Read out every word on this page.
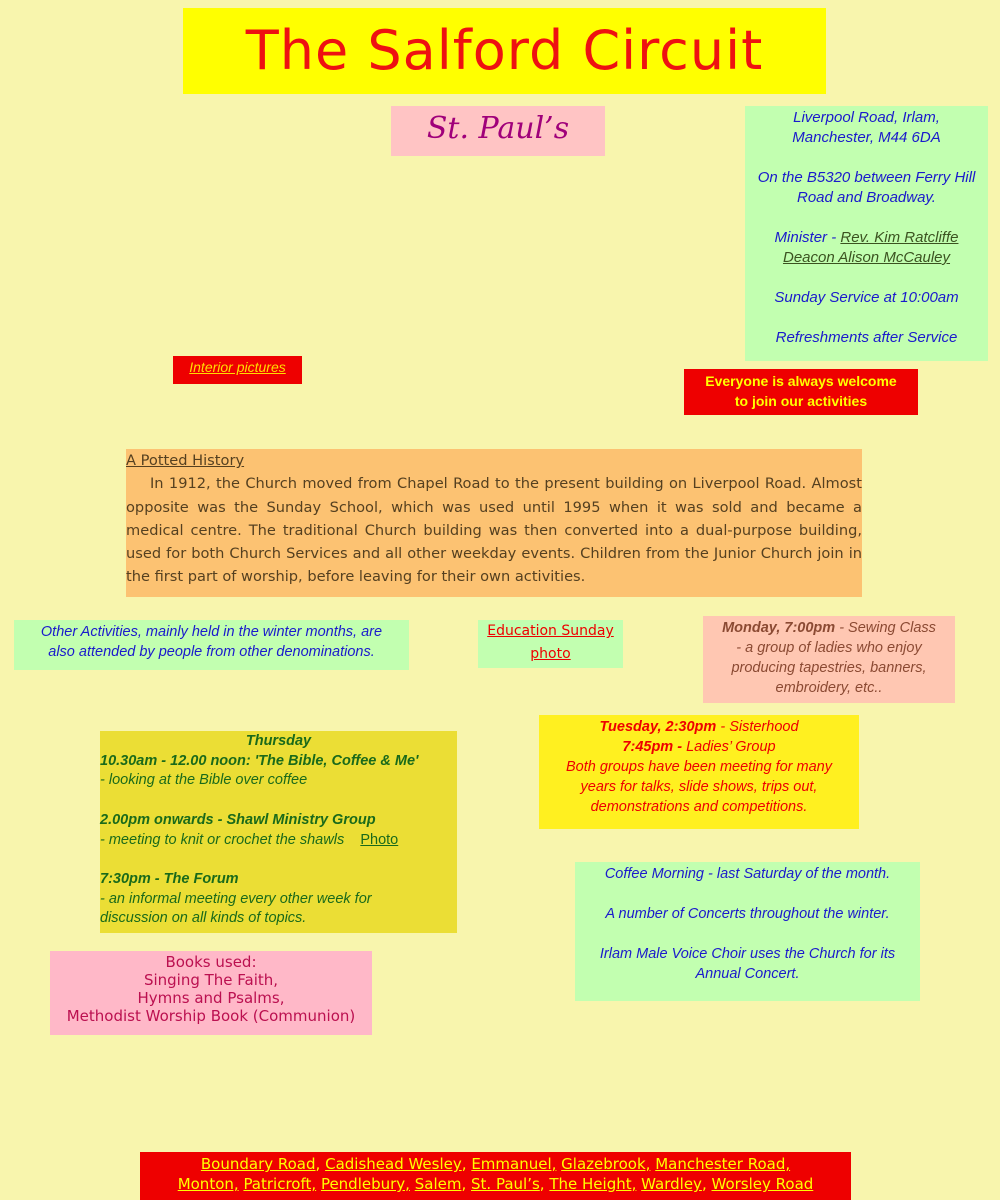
The Salford Circuit
St. Paul’s	Liverpool Road, Irlam,
Manchester, M44 6DA

On the B5320 between Ferry Hill
Road and Broadway.

Minister - Rev. Kim Ratcliffe
Deacon Alison McCauley

Sunday Service at 10:00am

Refreshments after Service
Interior pictures
Everyone is always welcome
to join our activities
A Potted History

In 1912, the Church moved from Chapel Road to the present building on Liverpool Road. Almost opposite was the Sunday School, which was used until 1995 when it was sold and became a medical centre. The traditional Church building was then converted into a dual-purpose building, used for both Church Services and all other weekday events. Children from the Junior Church join in the first part of worship, before leaving for their own activities.

Other Activities, mainly held in the winter months, are
also attended by people from other denominations.
Education Sunday
photo
Monday, 7:00pm - Sewing Class
- a group of ladies who enjoy
producing tapestries, banners,
embroidery, etc..
Tuesday, 2:30pm - Sisterhood
7:45pm - Ladies’ Group
Both groups have been meeting for many
years for talks, slide shows, trips out,
demonstrations and competitions.
Thursday
10.30am - 12.00 noon: 'The Bible, Coffee & Me'
- looking at the Bible over coffee

2.00pm onwards - Shawl Ministry Group
- meeting to knit or crochet the shawls Photo

7:30pm - The Forum
- an informal meeting every other week for
discussion on all kinds of topics.
Coffee Morning - last Saturday of the month.

A number of Concerts throughout the winter.

Irlam Male Voice Choir uses the Church for its
Annual Concert.
Books used:
Singing The Faith,
Hymns and Psalms,
Methodist Worship Book (Communion)
Boundary Road, Cadishead Wesley, Emmanuel, Glazebrook, Manchester Road,
Monton, Patricroft, Pendlebury, Salem, St. Paul’s, The Height, Wardley, Worsley Road
